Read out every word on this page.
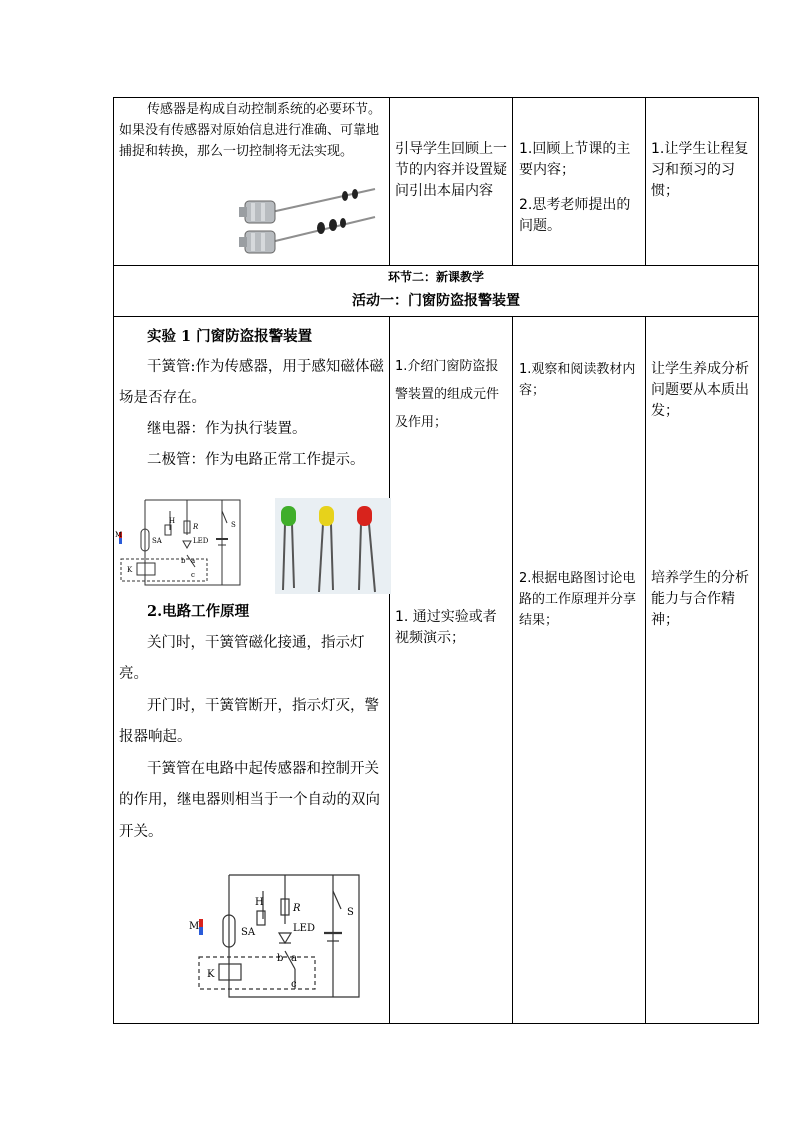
传感器是构成自动控制系统的必要环节。如果没有传感器对原始信息进行准确、可靠地捕捉和转换，那么一切控制将无法实现。	引导学生回顾上一节的内容并设置疑问引出本届内容

1.回顾上节课的主要内容；

2.思考老师提出的问题。

1.让学生让程复习和预习的习惯；

环节二：新课教学

活动一：门窗防盗报警装置

实验 1 门窗防盗报警装置

干簧管:作为传感器，用于感知磁体磁场是否存在。

继电器：作为执行装置。

二极管：作为电路正常工作提示。

M
SA
H
R
LED
S
K
a
b
c

2.电路工作原理

关门时，干簧管磁化接通，指示灯亮。

开门时，干簧管断开，指示灯灭，警报器响起。

干簧管在电路中起传感器和控制开关的作用，继电器则相当于一个自动的双向开关。

M
SA
H
R
LED
S
K
a
b
c

1.介绍门窗防盗报警装置的组成元件及作用；

1. 通过实验或者视频演示；

1.观察和阅读教材内容；

2.根据电路图讨论电路的工作原理并分享结果；

让学生养成分析问题要从本质出发；

培养学生的分析能力与合作精神；
